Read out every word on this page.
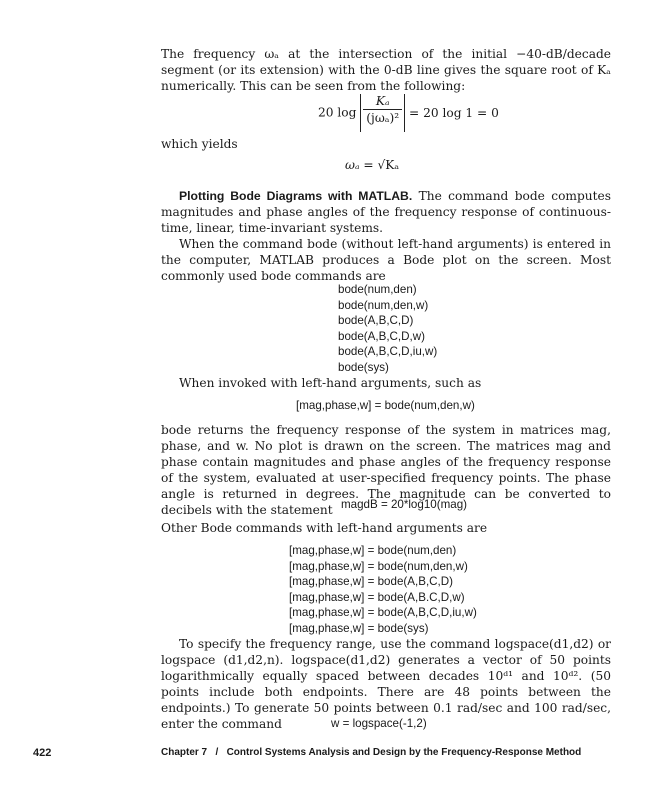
The frequency ωₐ at the intersection of the initial −40-dB/decade segment (or its extension) with the 0-dB line gives the square root of Kₐ numerically. This can be seen from the following:

20 $\log \frac{\text{Kₐ}}{\text{(jωₐ)²}} = 20$ log 1 = 0

which yields

ωₐ = √Kₐ

Plotting Bode Diagrams with MATLAB. The command bode computes magnitudes and phase angles of the frequency response of continuous-time, linear, time-invariant systems.

When the command bode (without left-hand arguments) is entered in the computer, MATLAB produces a Bode plot on the screen. Most commonly used bode commands are

bode(num,den)
bode(num,den,w)
bode(A,B,C,D)
bode(A,B,C,D,w)
bode(A,B,C,D,iu,w)
bode(sys)

When invoked with left-hand arguments, such as

[mag,phase,w] = bode(num,den,w)

bode returns the frequency response of the system in matrices mag, phase, and w. No plot is drawn on the screen. The matrices mag and phase contain magnitudes and phase angles of the frequency response of the system, evaluated at user-specified frequency points. The phase angle is returned in degrees. The magnitude can be converted to decibels with the statement magdB = 20*log10(mag)

Other Bode commands with left-hand arguments are

[mag,phase,w] = bode(num,den)
[mag,phase,w] = bode(num,den,w)
[mag,phase,w] = bode(A,B,C,D)
[mag,phase,w] = bode(A,B.C,D,w)
[mag,phase,w] = bode(A,B,C,D,iu,w)
[mag,phase,w] = bode(sys)

To specify the frequency range, use the command logspace(d1,d2) or logspace (d1,d2,n). logspace(d1,d2) generates a vector of 50 points logarithmically equally spaced between decades 10ᵈ¹ and 10ᵈ². (50 points include both endpoints. There are 48 points between the endpoints.) To generate 50 points between 0.1 rad/sec and 100 rad/sec, enter the command	w = logspace(-1,2)
422	Chapter 7   /   Control Systems Analysis and Design by the Frequency-Response Method
